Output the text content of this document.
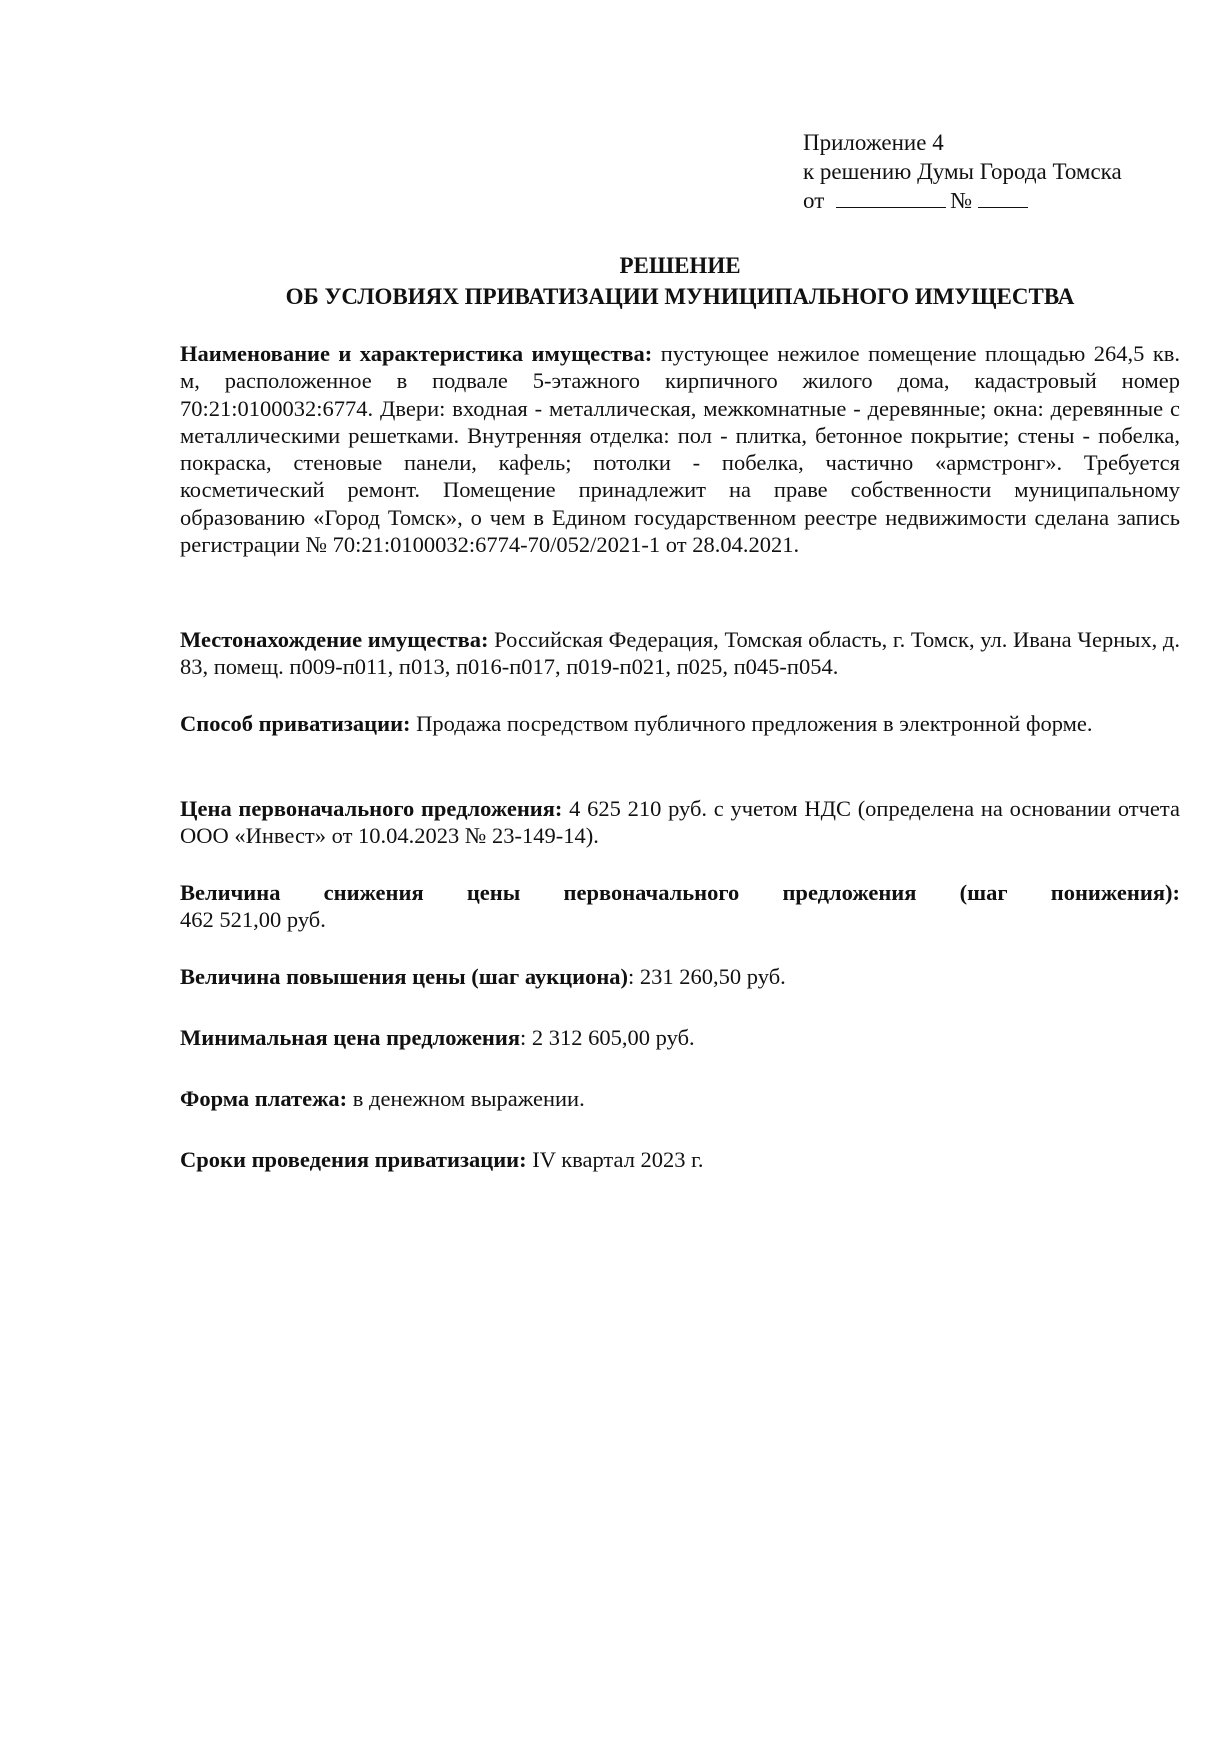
Приложение 4
к решению Думы Города Томска
от	№
РЕШЕНИЕ
ОБ УСЛОВИЯХ ПРИВАТИЗАЦИИ МУНИЦИПАЛЬНОГО ИМУЩЕСТВА
Наименование и характеристика имущества: пустующее нежилое помещение площадью 264,5 кв. м, расположенное в подвале 5-этажного кирпичного жилого дома, кадастровый номер 70:21:0100032:6774. Двери: входная - металлическая, межкомнатные - деревянные; окна: деревянные с металлическими решетками. Внутренняя отделка: пол - плитка, бетонное покрытие; стены - побелка, покраска, стеновые панели, кафель; потолки - побелка, частично «армстронг». Требуется косметический ремонт. Помещение принадлежит на праве собственности муниципальному образованию «Город Томск», о чем в Едином государственном реестре недвижимости сделана запись регистрации № 70:21:0100032:6774-70/052/2021-1 от 28.04.2021.
Местонахождение имущества: Российская Федерация, Томская область, г. Томск, ул. Ивана Черных, д. 83, помещ. п009-п011, п013, п016-п017, п019-п021, п025, п045-п054.
Способ приватизации: Продажа посредством публичного предложения в электронной форме.
Цена первоначального предложения: 4 625 210 руб. с учетом НДС (определена на основании отчета ООО «Инвест» от 10.04.2023 № 23-149-14).
Величина снижения цены первоначального предложения (шаг понижения):
462 521,00 руб.
Величина повышения цены (шаг аукциона): 231 260,50 руб.
Минимальная цена предложения: 2 312 605,00 руб.
Форма платежа: в денежном выражении.
Сроки проведения приватизации: IV квартал 2023 г.
